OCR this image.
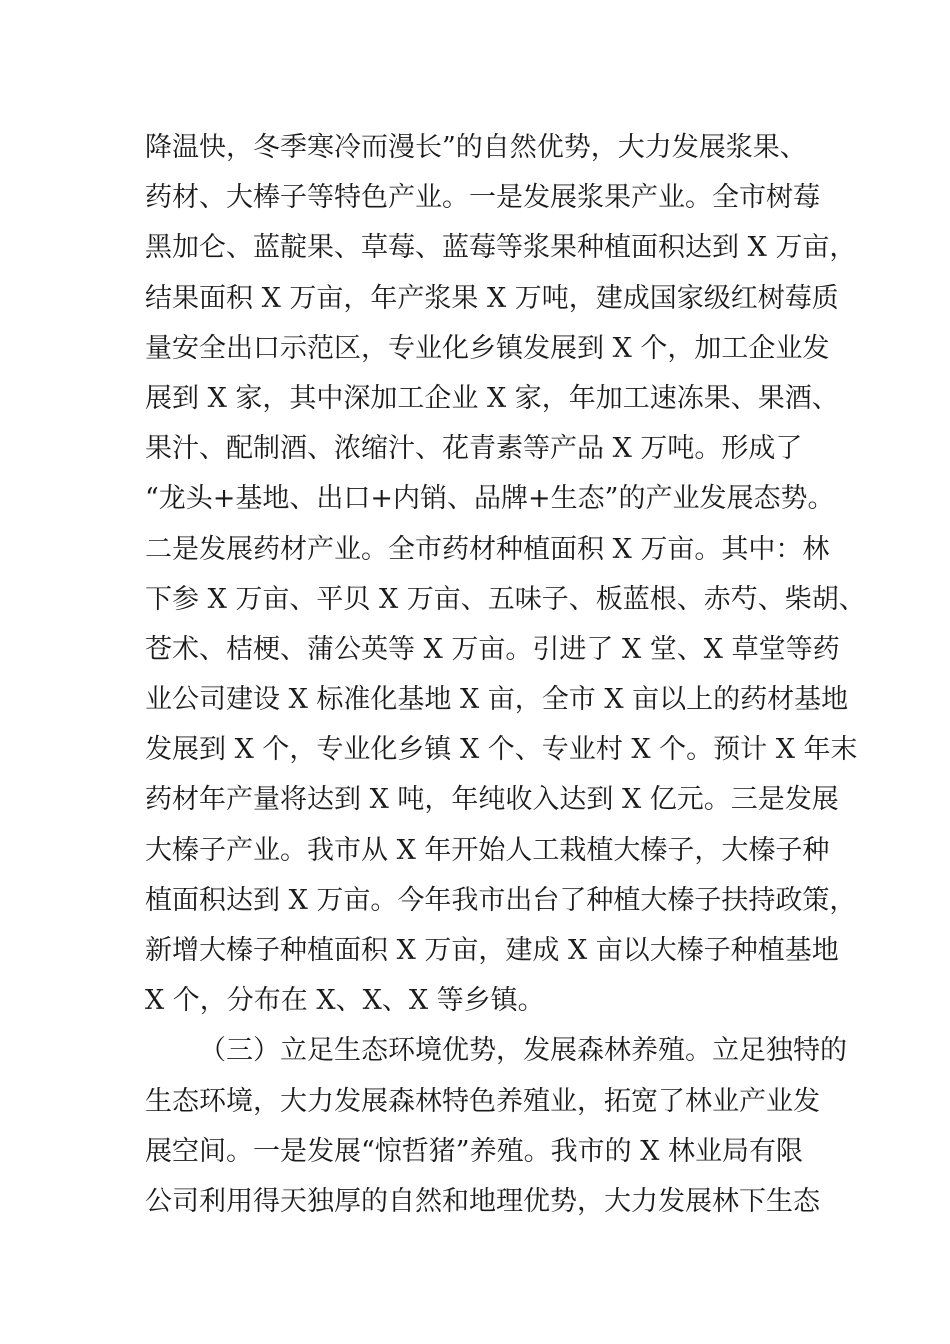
降温快，冬季寒冷而漫长”的自然优势，大力发展浆果、
药材、大棒子等特色产业。一是发展浆果产业。全市树莓
黑加仑、蓝靛果、草莓、蓝莓等浆果种植面积达到 X 万亩，
结果面积 X 万亩，年产浆果 X 万吨，建成国家级红树莓质
量安全出口示范区，专业化乡镇发展到 X 个，加工企业发
展到 X 家，其中深加工企业 X 家，年加工速冻果、果酒、
果汁、配制酒、浓缩汁、花青素等产品 X 万吨。形成了
“龙头+基地、出口+内销、品牌+生态”的产业发展态势。
二是发展药材产业。全市药材种植面积 X 万亩。其中：林
下参 X 万亩、平贝 X 万亩、五味子、板蓝根、赤芍、柴胡、
苍术、桔梗、蒲公英等 X 万亩。引进了 X 堂、X 草堂等药
业公司建设 X 标准化基地 X 亩，全市 X 亩以上的药材基地
发展到 X 个，专业化乡镇 X 个、专业村 X 个。预计 X 年末
药材年产量将达到 X 吨，年纯收入达到 X 亿元。三是发展
大榛子产业。我市从 X 年开始人工栽植大榛子，大榛子种
植面积达到 X 万亩。今年我市出台了种植大榛子扶持政策，
新增大榛子种植面积 X 万亩，建成 X 亩以大榛子种植基地
X 个，分布在 X、X、X 等乡镇。
（三）立足生态环境优势，发展森林养殖。立足独特的
生态环境，大力发展森林特色养殖业，拓宽了林业产业发
展空间。一是发展“惊哲猪”养殖。我市的 X 林业局有限
公司利用得天独厚的自然和地理优势，大力发展林下生态
